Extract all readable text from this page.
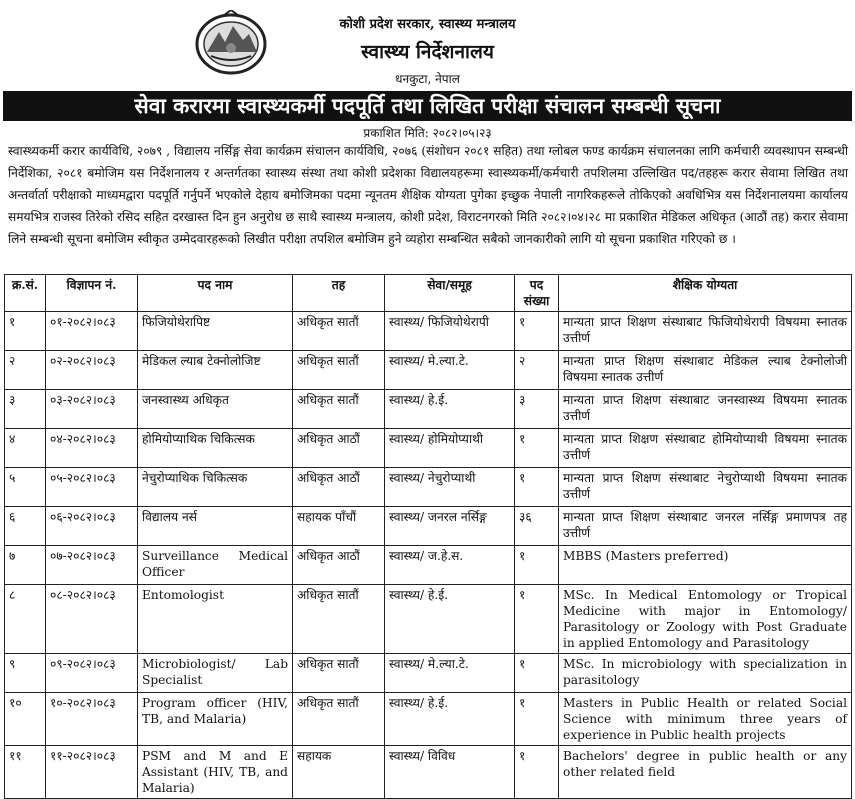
कोशी प्रदेश सरकार, स्वास्थ्य मन्त्रालय
स्वास्थ्य निर्देशनालय
धनकुटा, नेपाल
सेवा करारमा स्वास्थ्यकर्मी पदपूर्ति तथा लिखित परीक्षा संचालन सम्बन्धी सूचना
प्रकाशित मिति: २०८२।०५।२३
स्वास्थ्यकर्मी करार कार्यविधि, २०७९ , विद्यालय नर्सिङ्ग सेवा कार्यक्रम संचालन कार्यविधि, २०७६ (संशोधन २०८१ सहित) तथा ग्लोबल फण्ड कार्यक्रम संचालनका लागि कर्मचारी व्यवस्थापन सम्बन्धी निर्देशिका, २०८१ बमोजिम यस निर्देशनालय र अन्तर्गतका स्वास्थ्य संस्था तथा कोशी प्रदेशका विद्यालयहरूमा स्वास्थ्यकर्मी/कर्मचारी तपशिलमा उल्लिखित पद/तहहरू करार सेवामा लिखित तथा अन्तर्वार्ता परीक्षाको माध्यमद्वारा पदपूर्ति गर्नुपर्ने भएकोले देहाय बमोजिमका पदमा न्यूनतम शैक्षिक योग्यता पुगेका इच्छुक नेपाली नागरिकहरूले तोकिएको अवधिभित्र यस निर्देशनालयमा कार्यालय समयभित्र राजस्व तिरेको रसिद सहित दरखास्त दिन हुन अनुरोध छ साथै स्वास्थ्य मन्त्रालय, कोशी प्रदेश, विराटनगरको मिति २०८२।०४।२८ मा प्रकाशित मेडिकल अधिकृत (आठौं तह) करार सेवामा लिने सम्बन्धी सूचना बमोजिम स्वीकृत उम्मेदवारहरूको लिखीत परीक्षा तपशिल बमोजिम हुने व्यहोरा सम्बन्धित सबैको जानकारीको लागि यो सूचना प्रकाशित गरिएको छ ।
क्र.सं.	विज्ञापन नं.	पद नाम	तह	सेवा/समूह	पद संख्या	शैक्षिक योग्यता
१	०१-२०८२।०८३	फिजियोथेरापिष्ट	अधिकृत सातौं	स्वास्थ्य/ फिजियोथेरापी	१	मान्यता प्राप्त शिक्षण संस्थाबाट फिजियोथेरापी विषयमा स्नातक उत्तीर्ण
२	०२-२०८२।०८३	मेडिकल ल्याब टेक्नोलोजिष्ट	अधिकृत सातौं	स्वास्थ्य/ मे.ल्या.टे.	२	मान्यता प्राप्त शिक्षण संस्थाबाट मेडिकल ल्याब टेक्नोलोजी विषयमा स्नातक उत्तीर्ण
३	०३-२०८२।०८३	जनस्वास्थ्य अधिकृत	अधिकृत सातौं	स्वास्थ्य/ हे.ई.	३	मान्यता प्राप्त शिक्षण संस्थाबाट जनस्वास्थ्य विषयमा स्नातक उत्तीर्ण
४	०४-२०८२।०८३	होमियोप्याथिक चिकित्सक	अधिकृत आठौं	स्वास्थ्य/ होमियोप्याथी	१	मान्यता प्राप्त शिक्षण संस्थाबाट होमियोप्याथी विषयमा स्नातक उत्तीर्ण
५	०५-२०८२।०८३	नेचुरोप्याथिक चिकित्सक	अधिकृत आठौं	स्वास्थ्य/ नेचुरोप्याथी	१	मान्यता प्राप्त शिक्षण संस्थाबाट नेचुरोप्याथी विषयमा स्नातक उत्तीर्ण
६	०६-२०८२।०८३	विद्यालय नर्स	सहायक पाँचौं	स्वास्थ्य/ जनरल नर्सिङ्ग	३६	मान्यता प्राप्त शिक्षण संस्थाबाट जनरल नर्सिङ्ग प्रमाणपत्र तह उत्तीर्ण
७	०७-२०८२।०८३	Surveillance Medical Officer	अधिकृत आठौं	स्वास्थ्य/ ज.हे.स.	१	MBBS (Masters preferred)
८	०८-२०८२।०८३	Entomologist	अधिकृत सातौं	स्वास्थ्य/ हे.ई.	१	MSc. In Medical Entomology or Tropical Medicine with major in Entomology/ Parasitology or Zoology with Post Graduate in applied Entomology and Parasitology
९	०९-२०८२।०८३	Microbiologist/ Lab Specialist	अधिकृत सातौं	स्वास्थ्य/ मे.ल्या.टे.	१	MSc. In microbiology with specialization in parasitology
१०	१०-२०८२।०८३	Program officer (HIV, TB, and Malaria)	अधिकृत सातौं	स्वास्थ्य/ हे.ई.	१	Masters in Public Health or related Social Science with minimum three years of experience in Public health projects
११	११-२०८२।०८३	PSM and M and E Assistant (HIV, TB, and Malaria)	सहायक	स्वास्थ्य/ विविध	१	Bachelors' degree in public health or any other related field
